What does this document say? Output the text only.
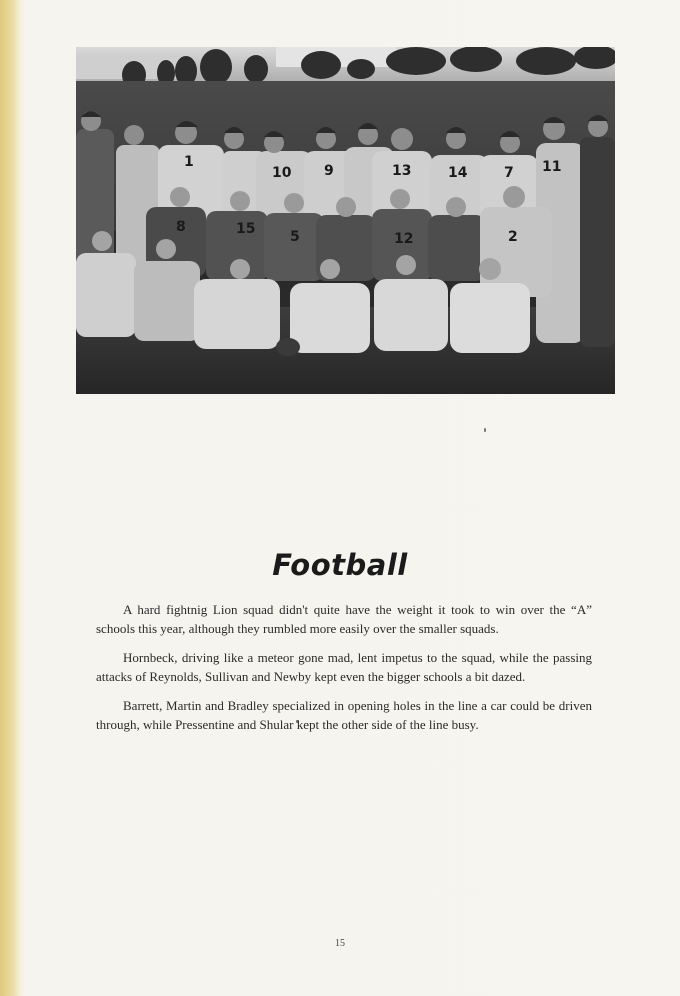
1
10 9	13	14	7 11
8	15 5	12	2
Football

A hard fightnig Lion squad didn't quite have the weight it took to win over the “A” schools this year, although they rumbled more easily over the smaller squads.

Hornbeck, driving like a meteor gone mad, lent impetus to the squad, while the passing attacks of Reynolds, Sullivan and Newby kept even the bigger schools a bit dazed.

Barrett, Martin and Bradley specialized in opening holes in the line a car could be driven through, while Pressentine and Shular kept the other side of the line busy.

15
